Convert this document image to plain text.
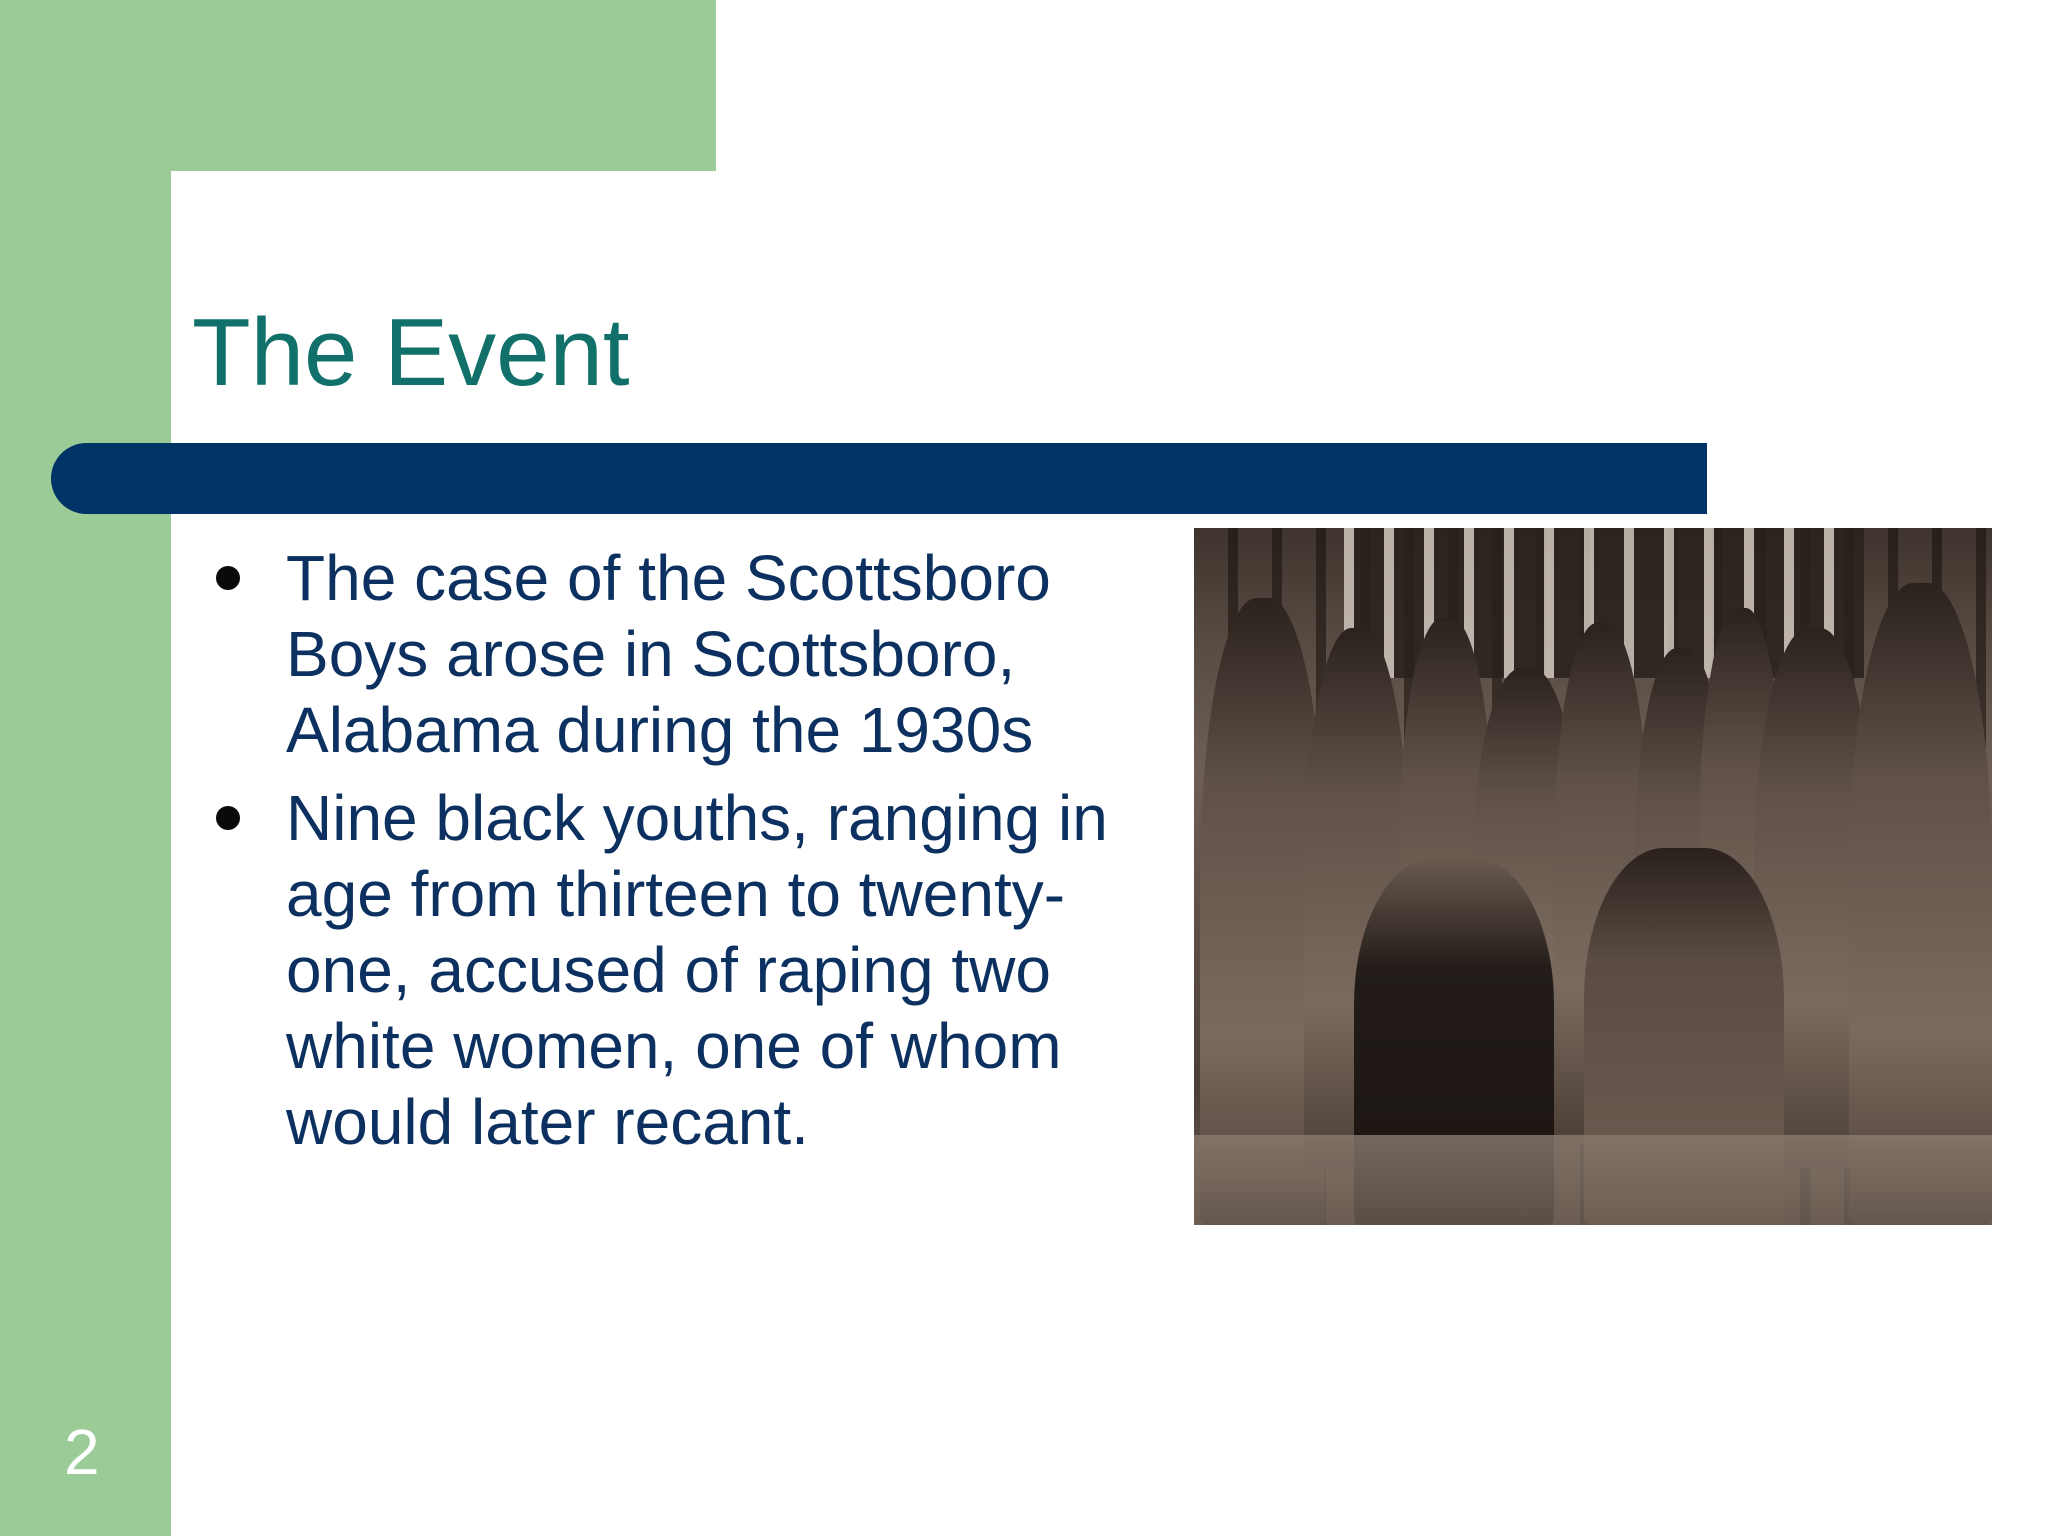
The Event
The case of the Scottsboro Boys arose in Scottsboro, Alabama during the 1930s
Nine black youths, ranging in age from thirteen to twenty-one, accused of raping two white women, one of whom would later recant.
2
